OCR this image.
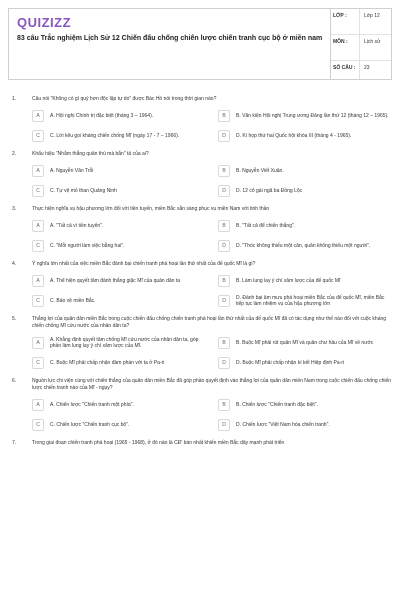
QUIZIZZ
83 câu Trắc nghiệm Lịch Sử 12 Chiến đấu chống chiến lược chiến tranh cục bộ ở miền nam
LỚP :	Lớp 12
MÔN :	Lịch sử
SỐ CÂU :	23
1.	Câu nói "Không có gì quý hơn độc lập tự do" được Bác Hồ nói trong thời gian nào?
A	A. Hội nghị Chính trị đặc biệt (tháng 3 – 1964).	B	B. Văn kiện Hội nghị Trung ương Đảng lần thứ 12 (tháng 12 – 1965).
C	C. Lời kêu gọi kháng chiến chống Mĩ (ngày 17 - 7 – 1966).	D	D. Kì họp thứ hai Quốc hội khóa III (tháng 4 - 1965).
2.	Khẩu hiệu "Nhằm thẳng quân thù mà bắn" tả của ai?
A	A. Nguyễn Văn Trỗi	B	B. Nguyễn Viết Xuân.
C	C. Tự vệ mỏ than Quảng Ninh	D	D. 12 cô gái ngã ba Đồng Lộc
3.	Thực hiện nghĩa vụ hậu phương lớn đối với tiền tuyến, miền Bắc sẵn sàng phục vụ miền Nam với tinh thần
A	A. "Tất cả vì tiền tuyến".	B	B. "Tất cả để chiến thắng".
C	C. "Mỗi người làm việc bằng hai".	D	D. "Thóc không thiếu một cân, quân không thiếu một người".
4.	Ý nghĩa lớn nhất của việc miền Bắc đánh bại chiến tranh phá hoại lần thứ nhất của đế quốc Mĩ là gì?
A	A. Thể hiện quyết tâm đánh thắng giặc Mĩ của quân dân ta	B	B. Làm lung lay ý chí xâm lược của đế quốc Mĩ
C	C. Bảo vệ miền Bắc.	D	D. Đánh bại âm mưu phá hoại miền Bắc của đế quốc Mĩ, miền Bắc tiếp tục làm nhiệm vụ của hậu phương lớn
5.	Thắng lợi của quân dân miền Bắc trong cuộc chiến đấu chống chiến tranh phá hoại lần thứ nhất của đế quốc Mĩ đã có tác dụng như thế nào đối với cuộc kháng chiến chống Mĩ cứu nước của nhân dân ta?
A	A. Khẳng định quyết tâm chống Mĩ cứu nước của nhân dân ta, góp phần làm lung lay ý chí xâm lược của Mĩ.	B	B. Buộc Mĩ phải rút quân Mĩ và quân chư hầu của Mĩ về nước
C	C. Buộc Mĩ phải chấp nhận đàm phán với ta ở Pa-ri	D	D. Buộc Mĩ phải chấp nhận kí kết Hiệp định Pa-ri
6.	Nguồn lực chi viện cùng với chiến thắng của quân dân miền Bắc đã góp phần quyết định vào thắng lợi của quân dân miền Nam trong cuộc chiến đấu chống chiến lược chiến tranh nào của Mĩ - ngụy?
A	A. Chiến lược "Chiến tranh một phía".	B	B. Chiến lược "Chiến tranh đặc biệt".
C	C. Chiến lược "Chiến tranh cục bộ".	D	D. Chiến lược "Việt Nam hóa chiến tranh".
7.	Trong giai đoạn chiến tranh phá hoại (1965 - 1968), ở đó nào là CĐ' bán nhất khiến miền Bắc dây mạnh phát triển
